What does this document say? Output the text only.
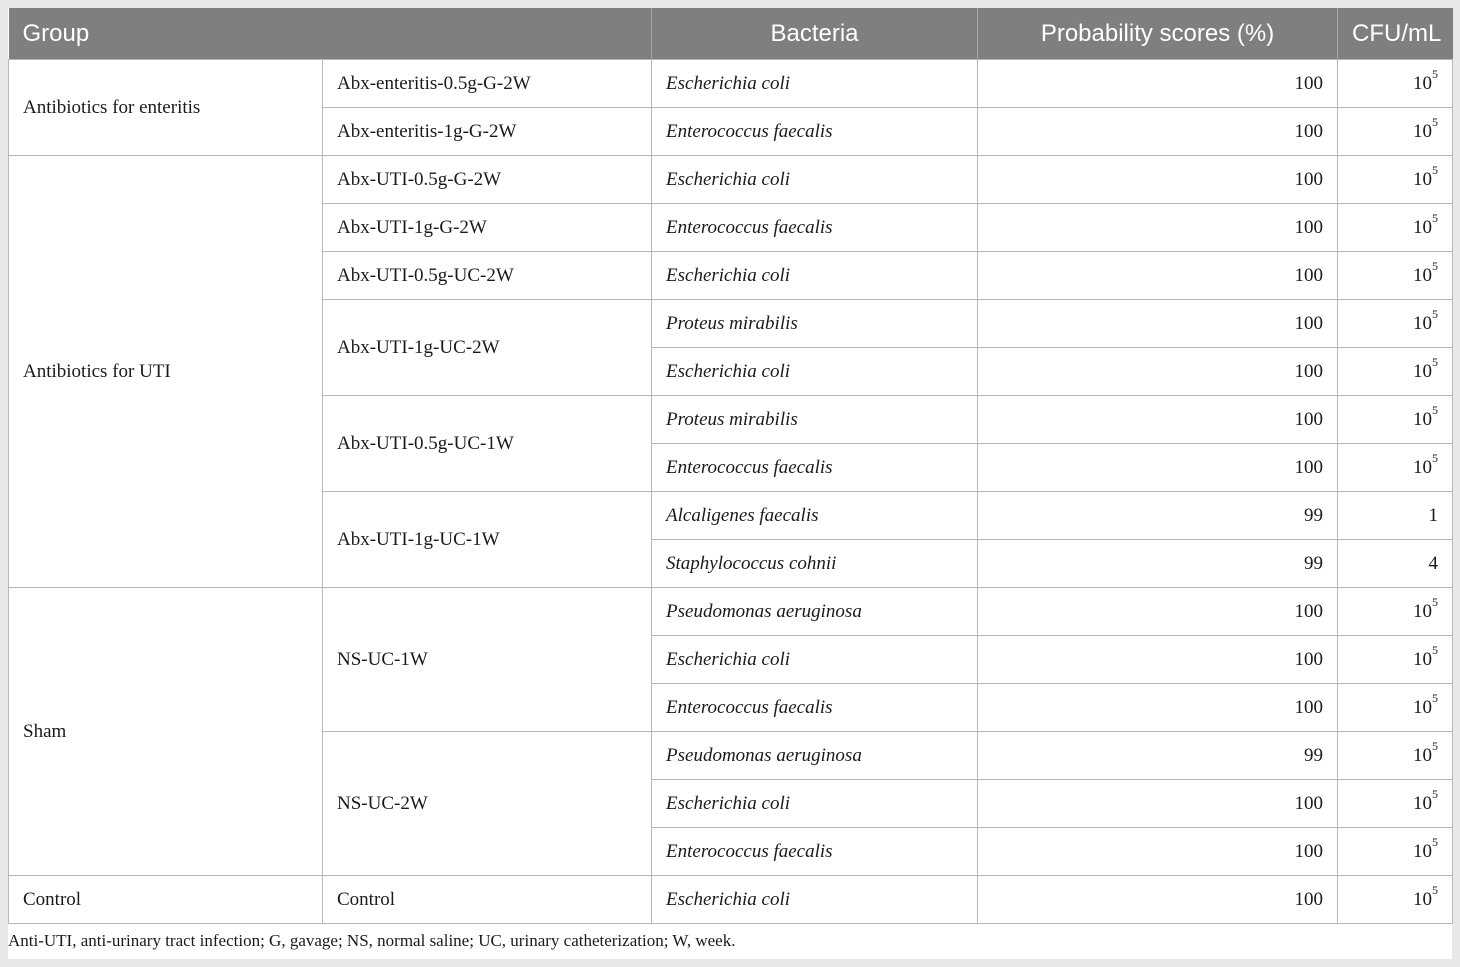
Group		Bacteria	Probability scores (%)	CFU/mL
Antibiotics for enteritis	Abx-enteritis-0.5g-G-2W	Escherichia coli	100	$10^5$
	Abx-enteritis-1g-G-2W	Enterococcus faecalis	100	$10^5$
Antibiotics for UTI	Abx-UTI-0.5g-G-2W	Escherichia coli	100	$10^5$
	Abx-UTI-1g-G-2W	Enterococcus faecalis	100	$10^5$
	Abx-UTI-0.5g-UC-2W	Escherichia coli	100	$10^5$
	Abx-UTI-1g-UC-2W	Proteus mirabilis	100	$10^5$
		Escherichia coli	100	$10^5$
	Abx-UTI-0.5g-UC-1W	Proteus mirabilis	100	$10^5$
		Enterococcus faecalis	100	$10^5$
	Abx-UTI-1g-UC-1W	Alcaligenes faecalis	99	1
		Staphylococcus cohnii	99	4
Sham	NS-UC-1W	Pseudomonas aeruginosa	100	$10^5$
		Escherichia coli	100	$10^5$
		Enterococcus faecalis	100	$10^5$
	NS-UC-2W	Pseudomonas aeruginosa	99	$10^5$
		Escherichia coli	100	$10^5$
		Enterococcus faecalis	100	$10^5$
Control	Control	Escherichia coli	100	$10^5$
Anti-UTI, anti-urinary tract infection; G, gavage; NS, normal saline; UC, urinary catheterization; W, week.
